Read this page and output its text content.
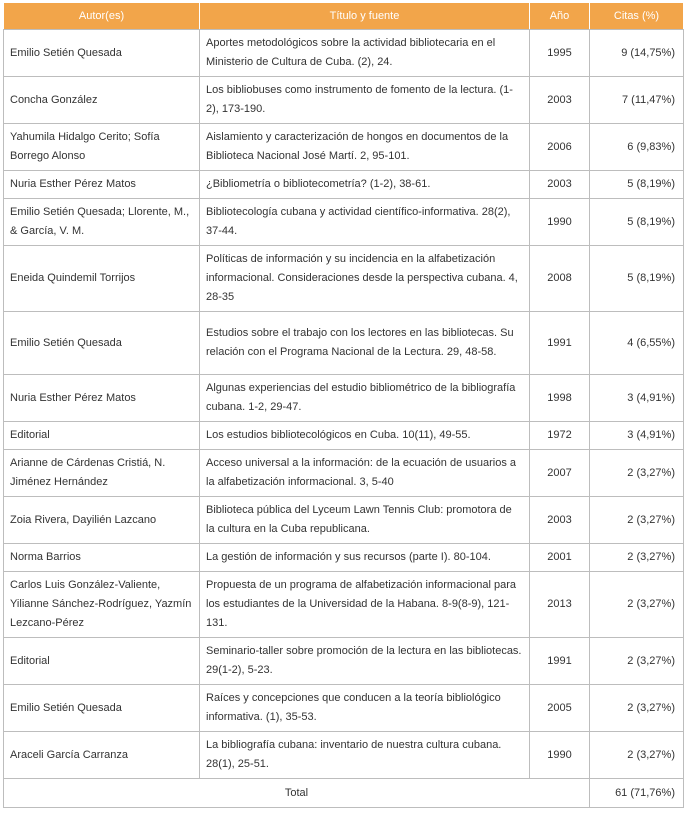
Autor(es)	Título y fuente	Año	Citas (%)
Emilio Setién Quesada	Aportes metodológicos sobre la actividad bibliotecaria en el Ministerio de Cultura de Cuba. (2), 24.	1995	9 (14,75%)
Concha González	Los bibliobuses como instrumento de fomento de la lectura. (1-2), 173-190.	2003	7 (11,47%)
Yahumila Hidalgo Cerito; Sofía Borrego Alonso	Aislamiento y caracterización de hongos en documentos de la Biblioteca Nacional José Martí. 2, 95-101.	2006	6 (9,83%)
Nuria Esther Pérez Matos	¿Bibliometría o bibliotecometría? (1-2), 38-61.	2003	5 (8,19%)
Emilio Setién Quesada; Llorente, M., & García, V. M.	Bibliotecología cubana y actividad científico-informativa. 28(2), 37-44.	1990	5 (8,19%)
Eneida Quindemil Torrijos	Políticas de información y su incidencia en la alfabetización informacional. Consideraciones desde la perspectiva cubana. 4, 28-35	2008	5 (8,19%)
Emilio Setién Quesada	Estudios sobre el trabajo con los lectores en las bibliotecas. Su relación con el Programa Nacional de la Lectura. 29, 48-58.	1991	4 (6,55%)
Nuria Esther Pérez Matos	Algunas experiencias del estudio bibliométrico de la bibliografía cubana. 1-2, 29-47.	1998	3 (4,91%)
Editorial	Los estudios bibliotecológicos en Cuba. 10(11), 49-55.	1972	3 (4,91%)
Arianne de Cárdenas Cristiá, N. Jiménez Hernández	Acceso universal a la información: de la ecuación de usuarios a la alfabetización informacional. 3, 5-40	2007	2 (3,27%)
Zoia Rivera, Dayilién Lazcano	Biblioteca pública del Lyceum Lawn Tennis Club: promotora de la cultura en la Cuba republicana.	2003	2 (3,27%)
Norma Barrios	La gestión de información y sus recursos (parte I). 80-104.	2001	2 (3,27%)
Carlos Luis González-Valiente, Yilianne Sánchez-Rodríguez, Yazmín Lezcano-Pérez	Propuesta de un programa de alfabetización informacional para los estudiantes de la Universidad de la Habana. 8-9(8-9), 121-131.	2013	2 (3,27%)
Editorial	Seminario-taller sobre promoción de la lectura en las bibliotecas. 29(1-2), 5-23.	1991	2 (3,27%)
Emilio Setién Quesada	Raíces y concepciones que conducen a la teoría bibliológico informativa. (1), 35-53.	2005	2 (3,27%)
Araceli García Carranza	La bibliografía cubana: inventario de nuestra cultura cubana. 28(1), 25-51.	1990	2 (3,27%)
Total			61 (71,76%)
